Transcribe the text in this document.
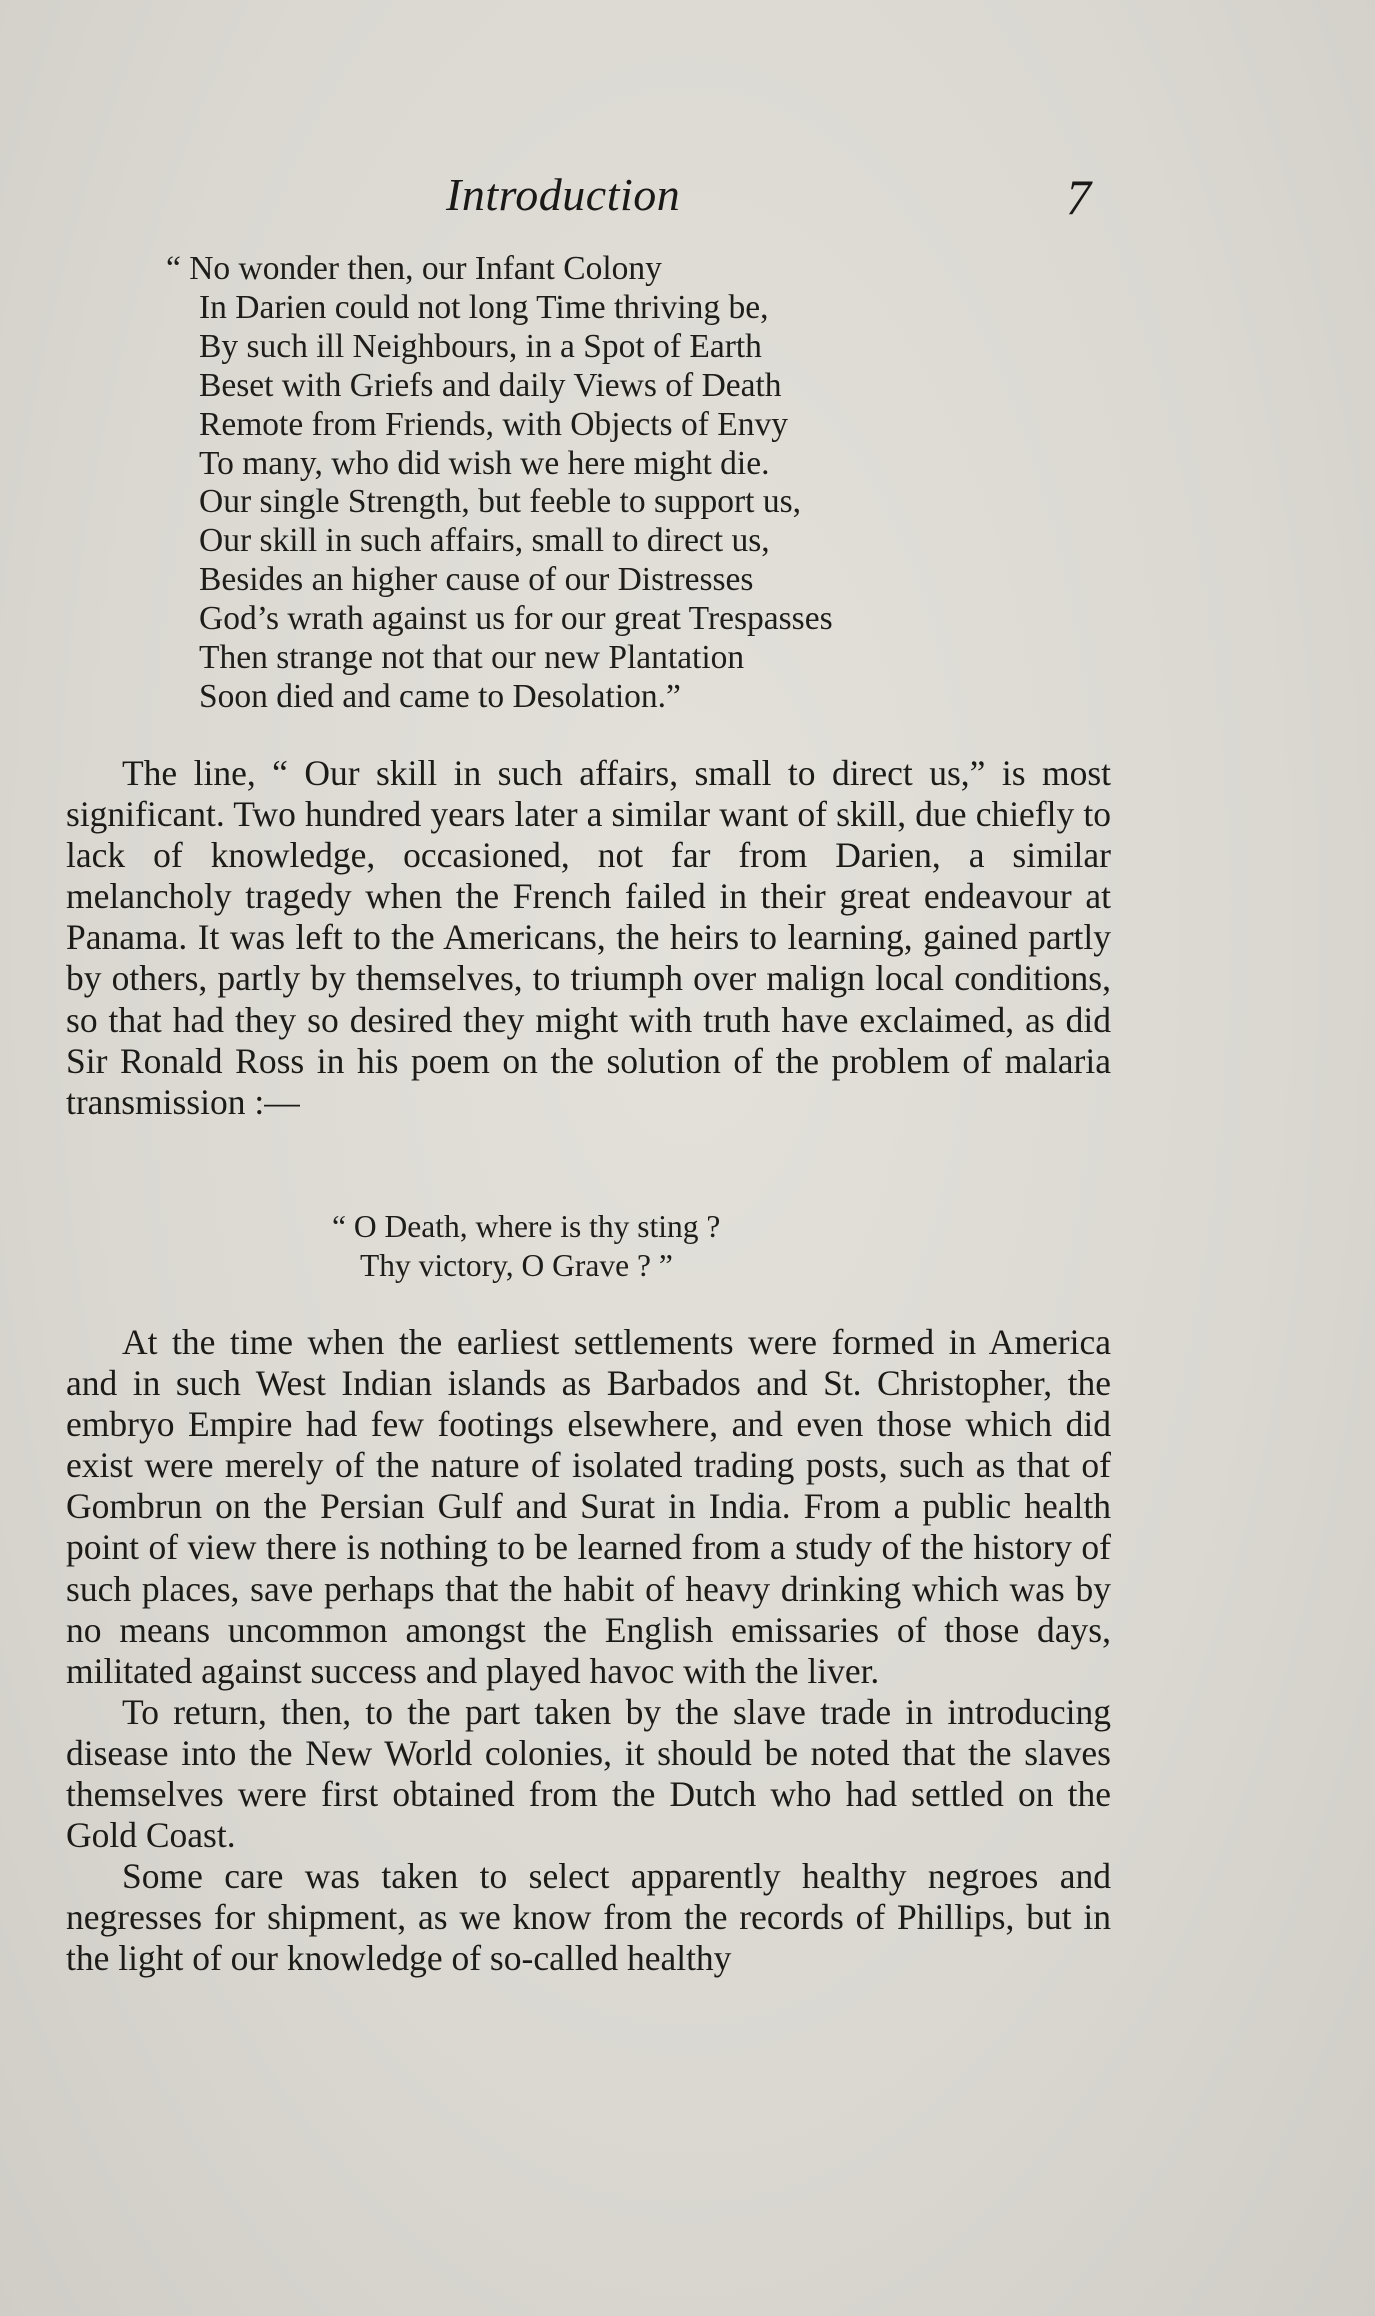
Introduction	7
“ No wonder then, our Infant Colony
In Darien could not long Time thriving be,
By such ill Neighbours, in a Spot of Earth
Beset with Griefs and daily Views of Death
Remote from Friends, with Objects of Envy
To many, who did wish we here might die.
Our single Strength, but feeble to support us,
Our skill in such affairs, small to direct us,
Besides an higher cause of our Distresses
God’s wrath against us for our great Trespasses
Then strange not that our new Plantation
Soon died and came to Desolation.”

The line, “ Our skill in such affairs, small to direct us,” is most significant. Two hundred years later a similar want of skill, due chiefly to lack of knowledge, occasioned, not far from Darien, a similar melancholy tragedy when the French failed in their great endeavour at Panama. It was left to the Americans, the heirs to learning, gained partly by others, partly by themselves, to triumph over malign local conditions, so that had they so desired they might with truth have exclaimed, as did Sir Ronald Ross in his poem on the solution of the problem of malaria transmission :—

“ O Death, where is thy sting ?
Thy victory, O Grave ? ”

At the time when the earliest settlements were formed in America and in such West Indian islands as Barbados and St. Christopher, the embryo Empire had few footings elsewhere, and even those which did exist were merely of the nature of isolated trading posts, such as that of Gombrun on the Persian Gulf and Surat in India. From a public health point of view there is nothing to be learned from a study of the history of such places, save perhaps that the habit of heavy drinking which was by no means uncommon amongst the English emissaries of those days, militated against success and played havoc with the liver.

To return, then, to the part taken by the slave trade in introducing disease into the New World colonies, it should be noted that the slaves themselves were first obtained from the Dutch who had settled on the Gold Coast.

Some care was taken to select apparently healthy negroes and negresses for shipment, as we know from the records of Phillips, but in the light of our knowledge of so-called healthy
